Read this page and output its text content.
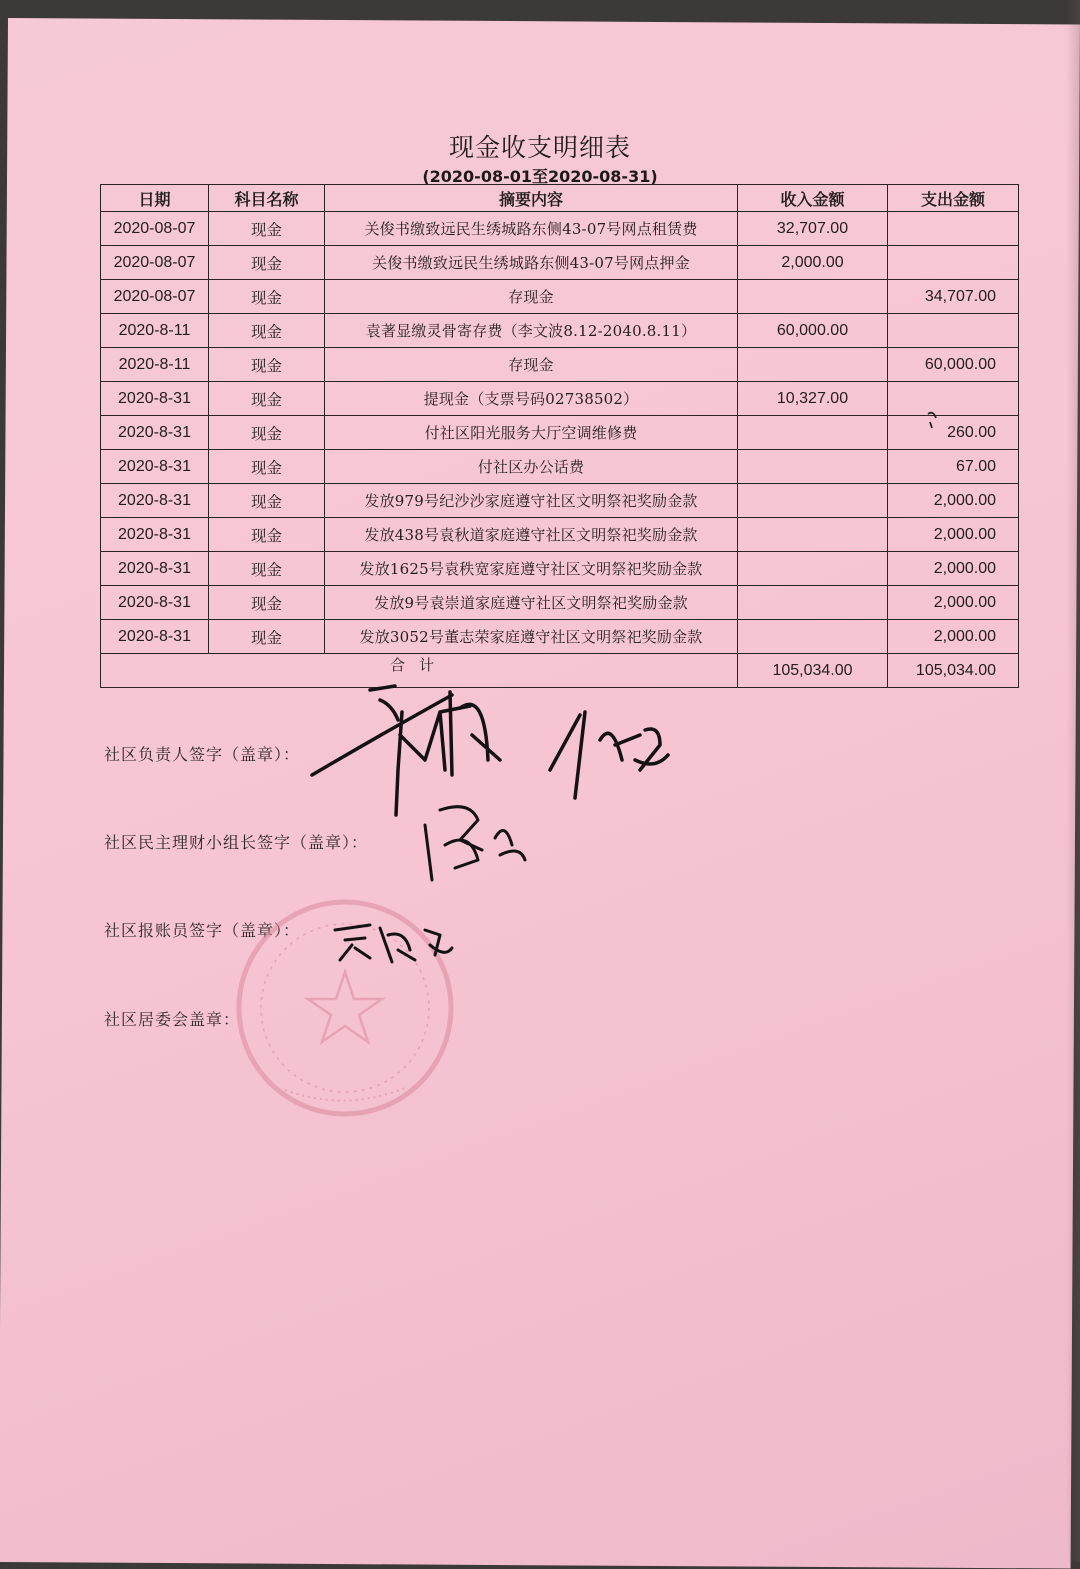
现金收支明细表
(2020-08-01至2020-08-31)
日期	科目名称	摘要内容	收入金额	支出金额
2020-08-07	现金	关俊书缴致远民生绣城路东侧43-07号网点租赁费	32,707.00	
2020-08-07	现金	关俊书缴致远民生绣城路东侧43-07号网点押金	2,000.00	
2020-08-07	现金	存现金		34,707.00
2020-8-11	现金	袁著显缴灵骨寄存费（李文波8.12-2040.8.11）	60,000.00	
2020-8-11	现金	存现金		60,000.00
2020-8-31	现金	提现金（支票号码02738502）	10,327.00	
2020-8-31	现金	付社区阳光服务大厅空调维修费		260.00
2020-8-31	现金	付社区办公话费		67.00
2020-8-31	现金	发放979号纪沙沙家庭遵守社区文明祭祀奖励金款		2,000.00
2020-8-31	现金	发放438号袁秋道家庭遵守社区文明祭祀奖励金款		2,000.00
2020-8-31	现金	发放1625号袁秩宽家庭遵守社区文明祭祀奖励金款		2,000.00
2020-8-31	现金	发放9号袁崇道家庭遵守社区文明祭祀奖励金款		2,000.00
2020-8-31	现金	发放3052号董志荣家庭遵守社区文明祭祀奖励金款		2,000.00
合计			105,034.00	105,034.00
社区负责人签字（盖章）：
社区民主理财小组长签字（盖章）：
社区报账员签字（盖章）：
社区居委会盖章：
